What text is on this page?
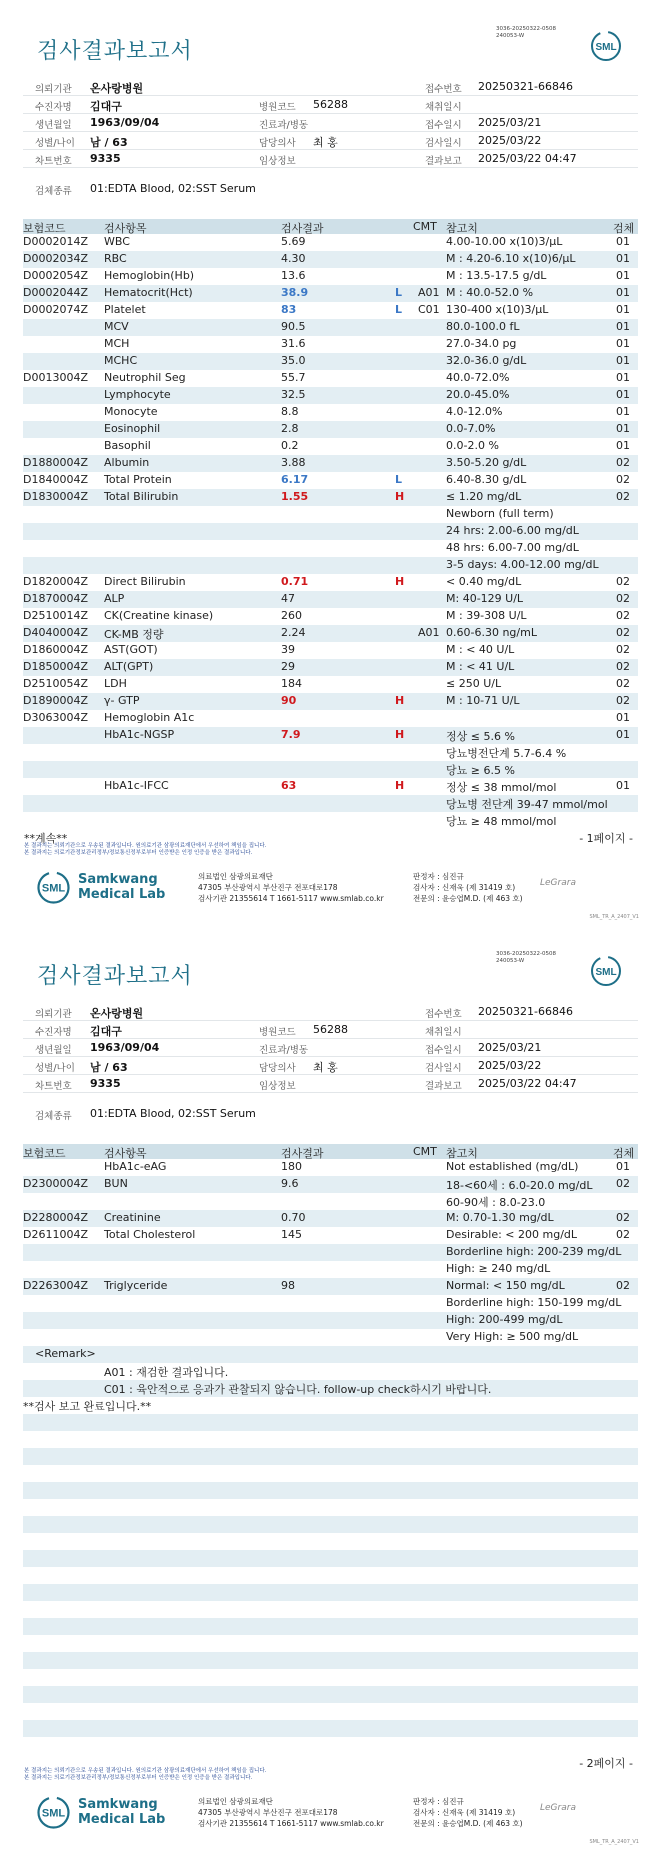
3036-20250322-0508
240053-W
검사결과보고서	SML
의뢰기관 온사랑병원	접수번호 20250321-66846
수진자명 김대구	병원코드 56288	채취일시
생년월일 1963/09/04	진료과/병동	접수일시 2025/03/21
성별/나이 남 / 63	담당의사 최 홍	검사일시 2025/03/22
차트번호 9335	임상정보	결과보고 2025/03/22 04:47
검체종류 01:EDTA Blood, 02:SST Serum
보험코드	검사항목	검사결과	CMT 참고치	검체
D0002014Z WBC	5.69	4.00-10.00 x(10)3/μL	01
D0002034Z RBC	4.30	M : 4.20-6.10 x(10)6/μL	01
D0002054Z Hemoglobin(Hb)	13.6	M : 13.5-17.5 g/dL	01
D0002044Z Hematocrit(Hct)	38.9	L A01 M : 40.0-52.0 %	01
D0002074Z Platelet	83	L C01 130-400 x(10)3/μL	01
MCV	90.5	80.0-100.0 fL	01
MCH	31.6	27.0-34.0 pg	01
MCHC	35.0	32.0-36.0 g/dL	01
D0013004Z Neutrophil Seg	55.7	40.0-72.0%	01
Lymphocyte	32.5	20.0-45.0%	01
Monocyte	8.8	4.0-12.0%	01
Eosinophil	2.8	0.0-7.0%	01
Basophil	0.2	0.0-2.0 %	01
D1880004Z Albumin	3.88	3.50-5.20 g/dL	02
D1840004Z Total Protein	6.17	L	6.40-8.30 g/dL	02
D1830004Z Total Bilirubin	1.55	H	≤ 1.20 mg/dL	02
Newborn (full term)
24 hrs: 2.00-6.00 mg/dL
48 hrs: 6.00-7.00 mg/dL
3-5 days: 4.00-12.00 mg/dL
D1820004Z Direct Bilirubin	0.71	H	< 0.40 mg/dL	02
D1870004Z ALP	47	M: 40-129 U/L	02
D2510014Z CK(Creatine kinase)	260	M : 39-308 U/L	02
D4040004Z CK-MB 정량	2.24	A01 0.60-6.30 ng/mL	02
D1860004Z AST(GOT)	39	M : < 40 U/L	02
D1850004Z ALT(GPT)	29	M : < 41 U/L	02
D2510054Z LDH	184	≤ 250 U/L	02
D1890004Z γ- GTP	90	H	M : 10-71 U/L	02
D3063004Z Hemoglobin A1c	01
HbA1c-NGSP	7.9	H	정상 ≤ 5.6 %	01
당뇨병전단계 5.7-6.4 %
당뇨 ≥ 6.5 %
HbA1c-IFCC	63	H	정상 ≤ 38 mmol/mol	01
당뇨병 전단계 39-47 mmol/mol
당뇨 ≥ 48 mmol/mol
**계속**	- 1페이지 -
본 결과지는 의뢰기관으로 우송된 결과입니다. 원의료기관 삼광의료재단에서 우선하여 책임을 집니다.
본 결과지는 의료기관정보관리정부/정보통신정부로부터 인증받은 인정 인증을 받은 결과입니다.
SML
Samkwang
Medical Lab
의료법인 삼광의료재단
47305 부산광역시 부산진구 전포대로178
검사기관 21355614 T 1661-5117 www.smlab.co.kr
판정자 : 심진규
검사자 : 신재욱 (제 31419 호)
전문의 : 윤승엽M.D. (제 463 호)
LeGrara
SML_TR_A_2407_V1
3036-20250322-0508
240053-W
검사결과보고서	SML
의뢰기관 온사랑병원	접수번호 20250321-66846
수진자명 김대구	병원코드 56288	채취일시
생년월일 1963/09/04	진료과/병동	접수일시 2025/03/21
성별/나이 남 / 63	담당의사 최 홍	검사일시 2025/03/22
차트번호 9335	임상정보	결과보고 2025/03/22 04:47
검체종류 01:EDTA Blood, 02:SST Serum
보험코드	검사항목	검사결과	CMT 참고치	검체
HbA1c-eAG	180	Not established (mg/dL)	01
D2300004Z BUN	9.6	18-<60세 : 6.0-20.0 mg/dL 02
60-90세 : 8.0-23.0
D2280004Z Creatinine	0.70	M: 0.70-1.30 mg/dL	02
D2611004Z Total Cholesterol	145	Desirable: < 200 mg/dL	02
Borderline high: 200-239 mg/dL
High: ≥ 240 mg/dL
D2263004Z Triglyceride	98	Normal: < 150 mg/dL	02
Borderline high: 150-199 mg/dL
High: 200-499 mg/dL
Very High: ≥ 500 mg/dL
<Remark>
A01 : 재검한 결과입니다.
C01 : 육안적으로 응과가 관찰되지 않습니다. follow-up check하시기 바랍니다.
**검사 보고 완료입니다.**
- 2페이지 -
본 결과지는 의뢰기관으로 우송된 결과입니다. 원의료기관 삼광의료재단에서 우선하여 책임을 집니다.
본 결과지는 의료기관정보관리정부/정보통신정부로부터 인증받은 인정 인증을 받은 결과입니다.
SML
Samkwang
Medical Lab
의료법인 삼광의료재단
47305 부산광역시 부산진구 전포대로178
검사기관 21355614 T 1661-5117 www.smlab.co.kr
판정자 : 심진규
검사자 : 신재욱 (제 31419 호)
전문의 : 윤승엽M.D. (제 463 호)
LeGrara
SML_TR_A_2407_V1
